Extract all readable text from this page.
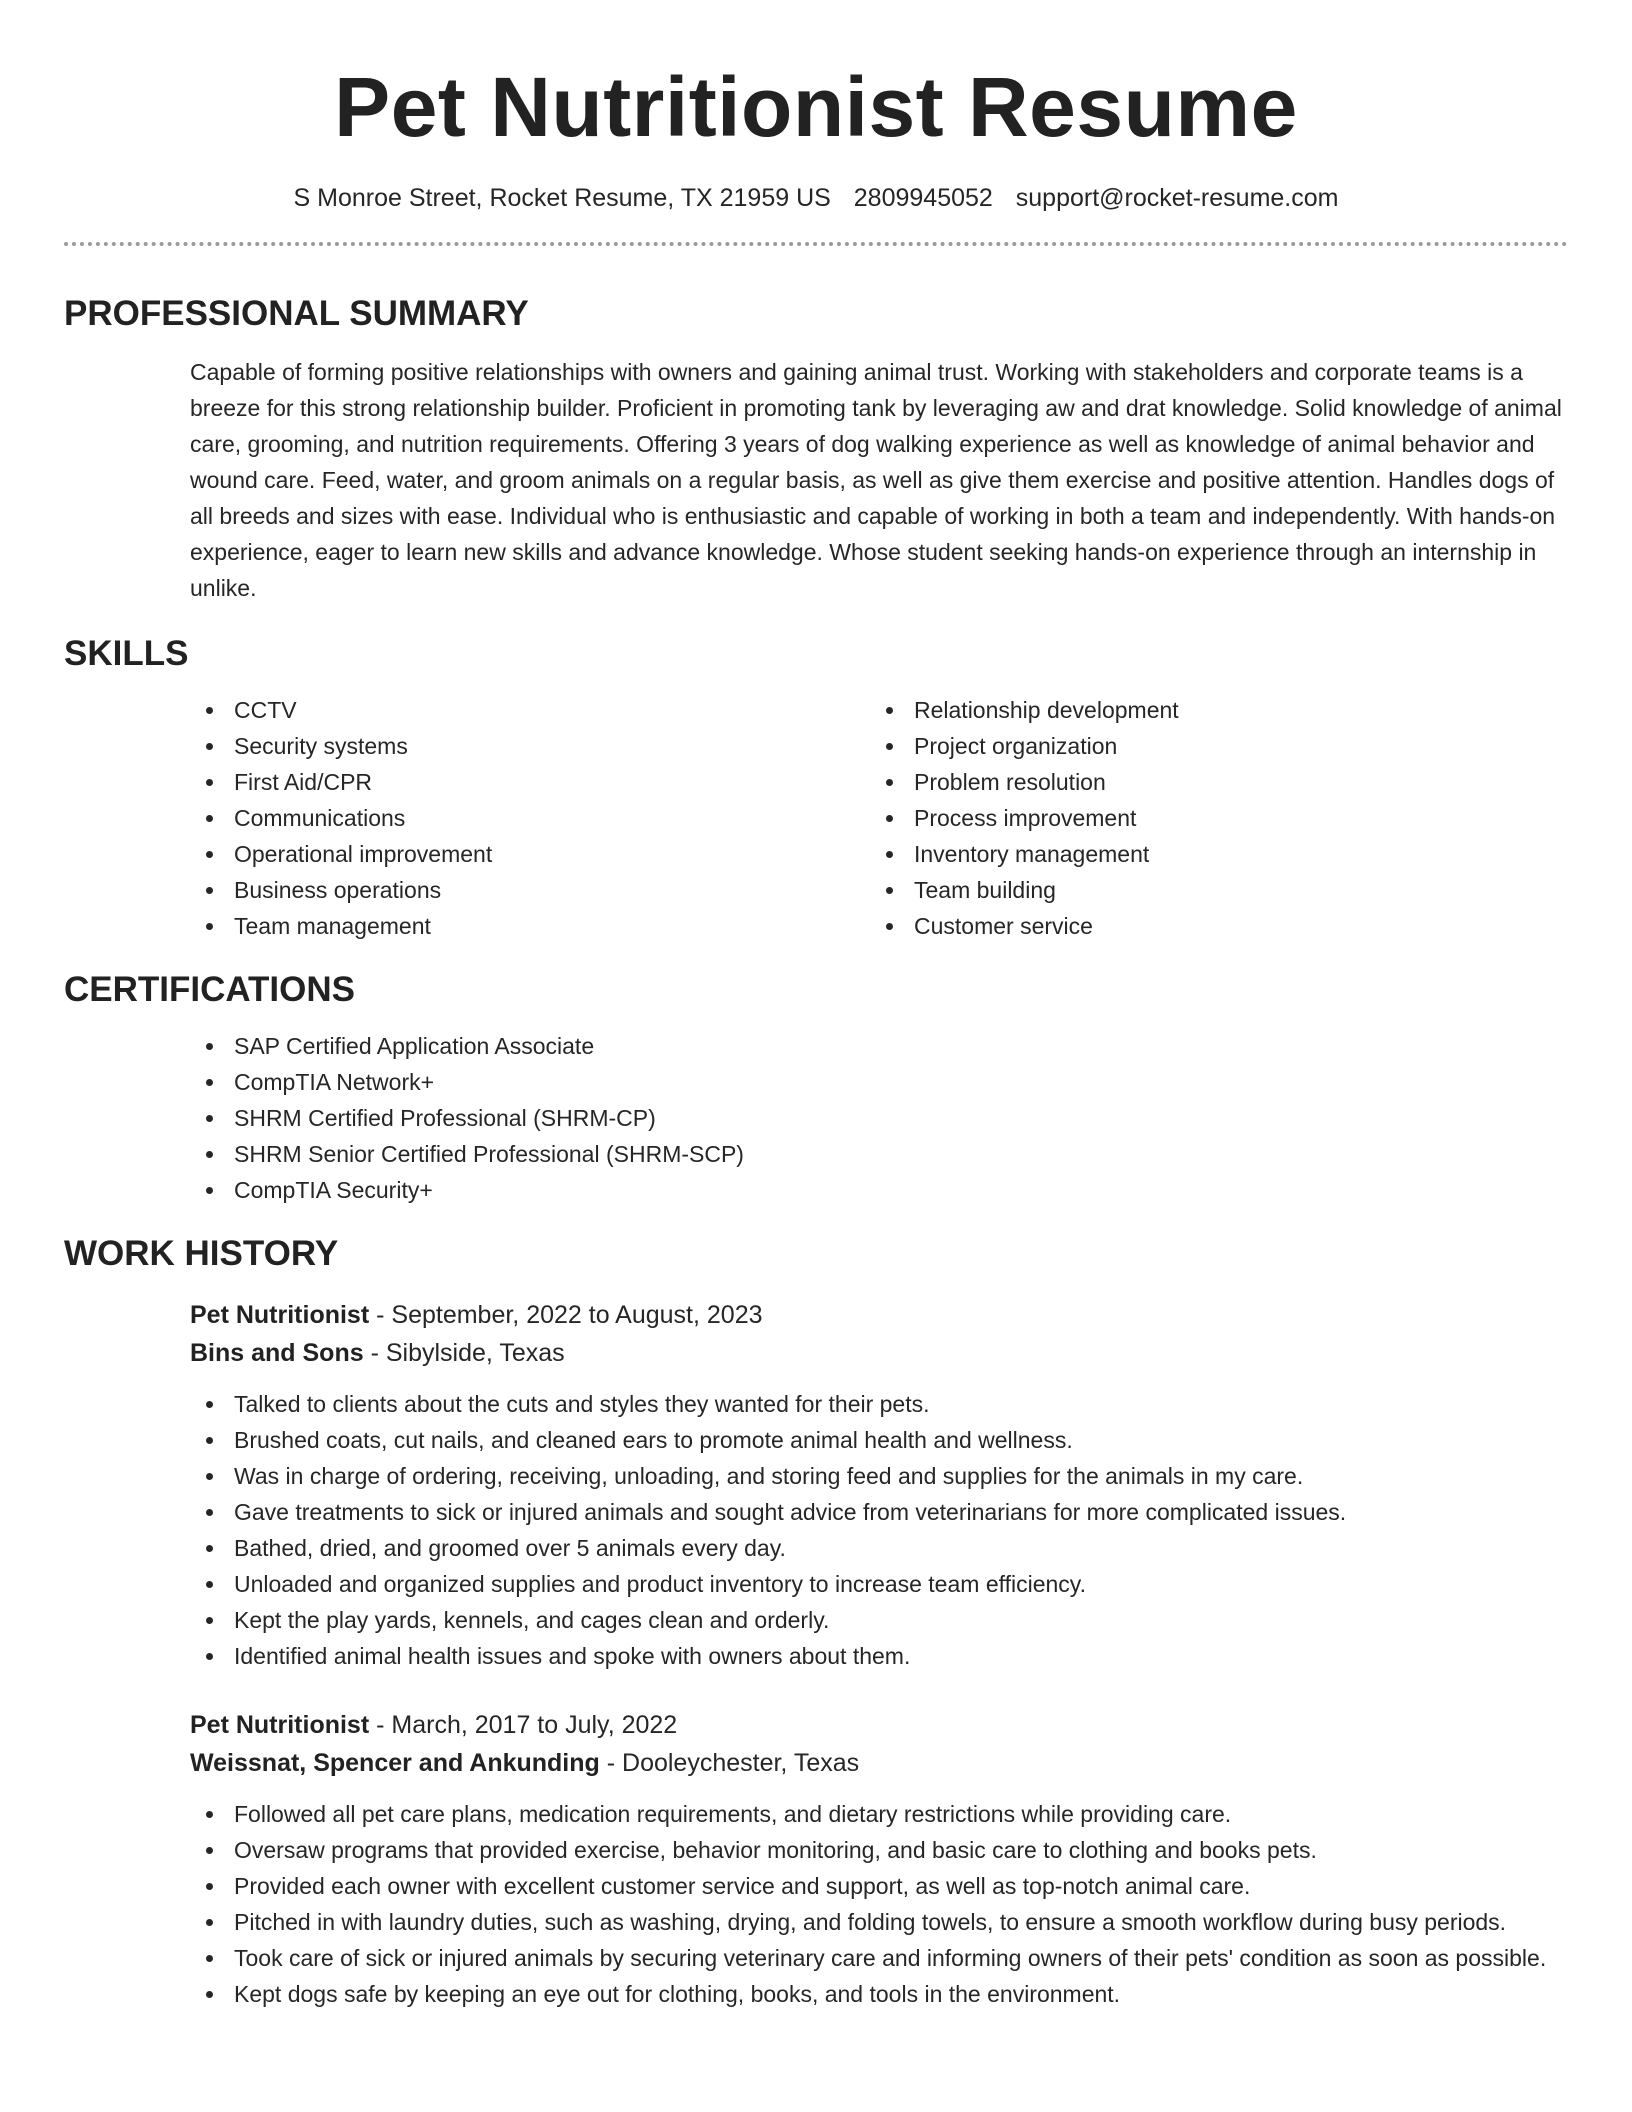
Pet Nutritionist Resume
S Monroe Street, Rocket Resume, TX 21959 US 2809945052 support@rocket-resume.com
PROFESSIONAL SUMMARY

Capable of forming positive relationships with owners and gaining animal trust. Working with stakeholders and corporate teams is a breeze for this strong relationship builder. Proficient in promoting tank by leveraging aw and drat knowledge. Solid knowledge of animal care, grooming, and nutrition requirements. Offering 3 years of dog walking experience as well as knowledge of animal behavior and wound care. Feed, water, and groom animals on a regular basis, as well as give them exercise and positive attention. Handles dogs of all breeds and sizes with ease. Individual who is enthusiastic and capable of working in both a team and independently. With hands-on experience, eager to learn new skills and advance knowledge. Whose student seeking hands-on experience through an internship in unlike.

SKILLS
CCTV
Security systems
First Aid/CPR
Communications
Operational improvement
Business operations
Team management
Relationship development
Project organization
Problem resolution
Process improvement
Inventory management
Team building
Customer service
CERTIFICATIONS
SAP Certified Application Associate
CompTIA Network+
SHRM Certified Professional (SHRM-CP)
SHRM Senior Certified Professional (SHRM-SCP)
CompTIA Security+
WORK HISTORY
Pet Nutritionist - September, 2022 to August, 2023
Bins and Sons - Sibylside, Texas
Talked to clients about the cuts and styles they wanted for their pets.
Brushed coats, cut nails, and cleaned ears to promote animal health and wellness.
Was in charge of ordering, receiving, unloading, and storing feed and supplies for the animals in my care.
Gave treatments to sick or injured animals and sought advice from veterinarians for more complicated issues.
Bathed, dried, and groomed over 5 animals every day.
Unloaded and organized supplies and product inventory to increase team efficiency.
Kept the play yards, kennels, and cages clean and orderly.
Identified animal health issues and spoke with owners about them.
Pet Nutritionist - March, 2017 to July, 2022
Weissnat, Spencer and Ankunding - Dooleychester, Texas
Followed all pet care plans, medication requirements, and dietary restrictions while providing care.
Oversaw programs that provided exercise, behavior monitoring, and basic care to clothing and books pets.
Provided each owner with excellent customer service and support, as well as top-notch animal care.
Pitched in with laundry duties, such as washing, drying, and folding towels, to ensure a smooth workflow during busy periods.
Took care of sick or injured animals by securing veterinary care and informing owners of their pets' condition as soon as possible.
Kept dogs safe by keeping an eye out for clothing, books, and tools in the environment.
